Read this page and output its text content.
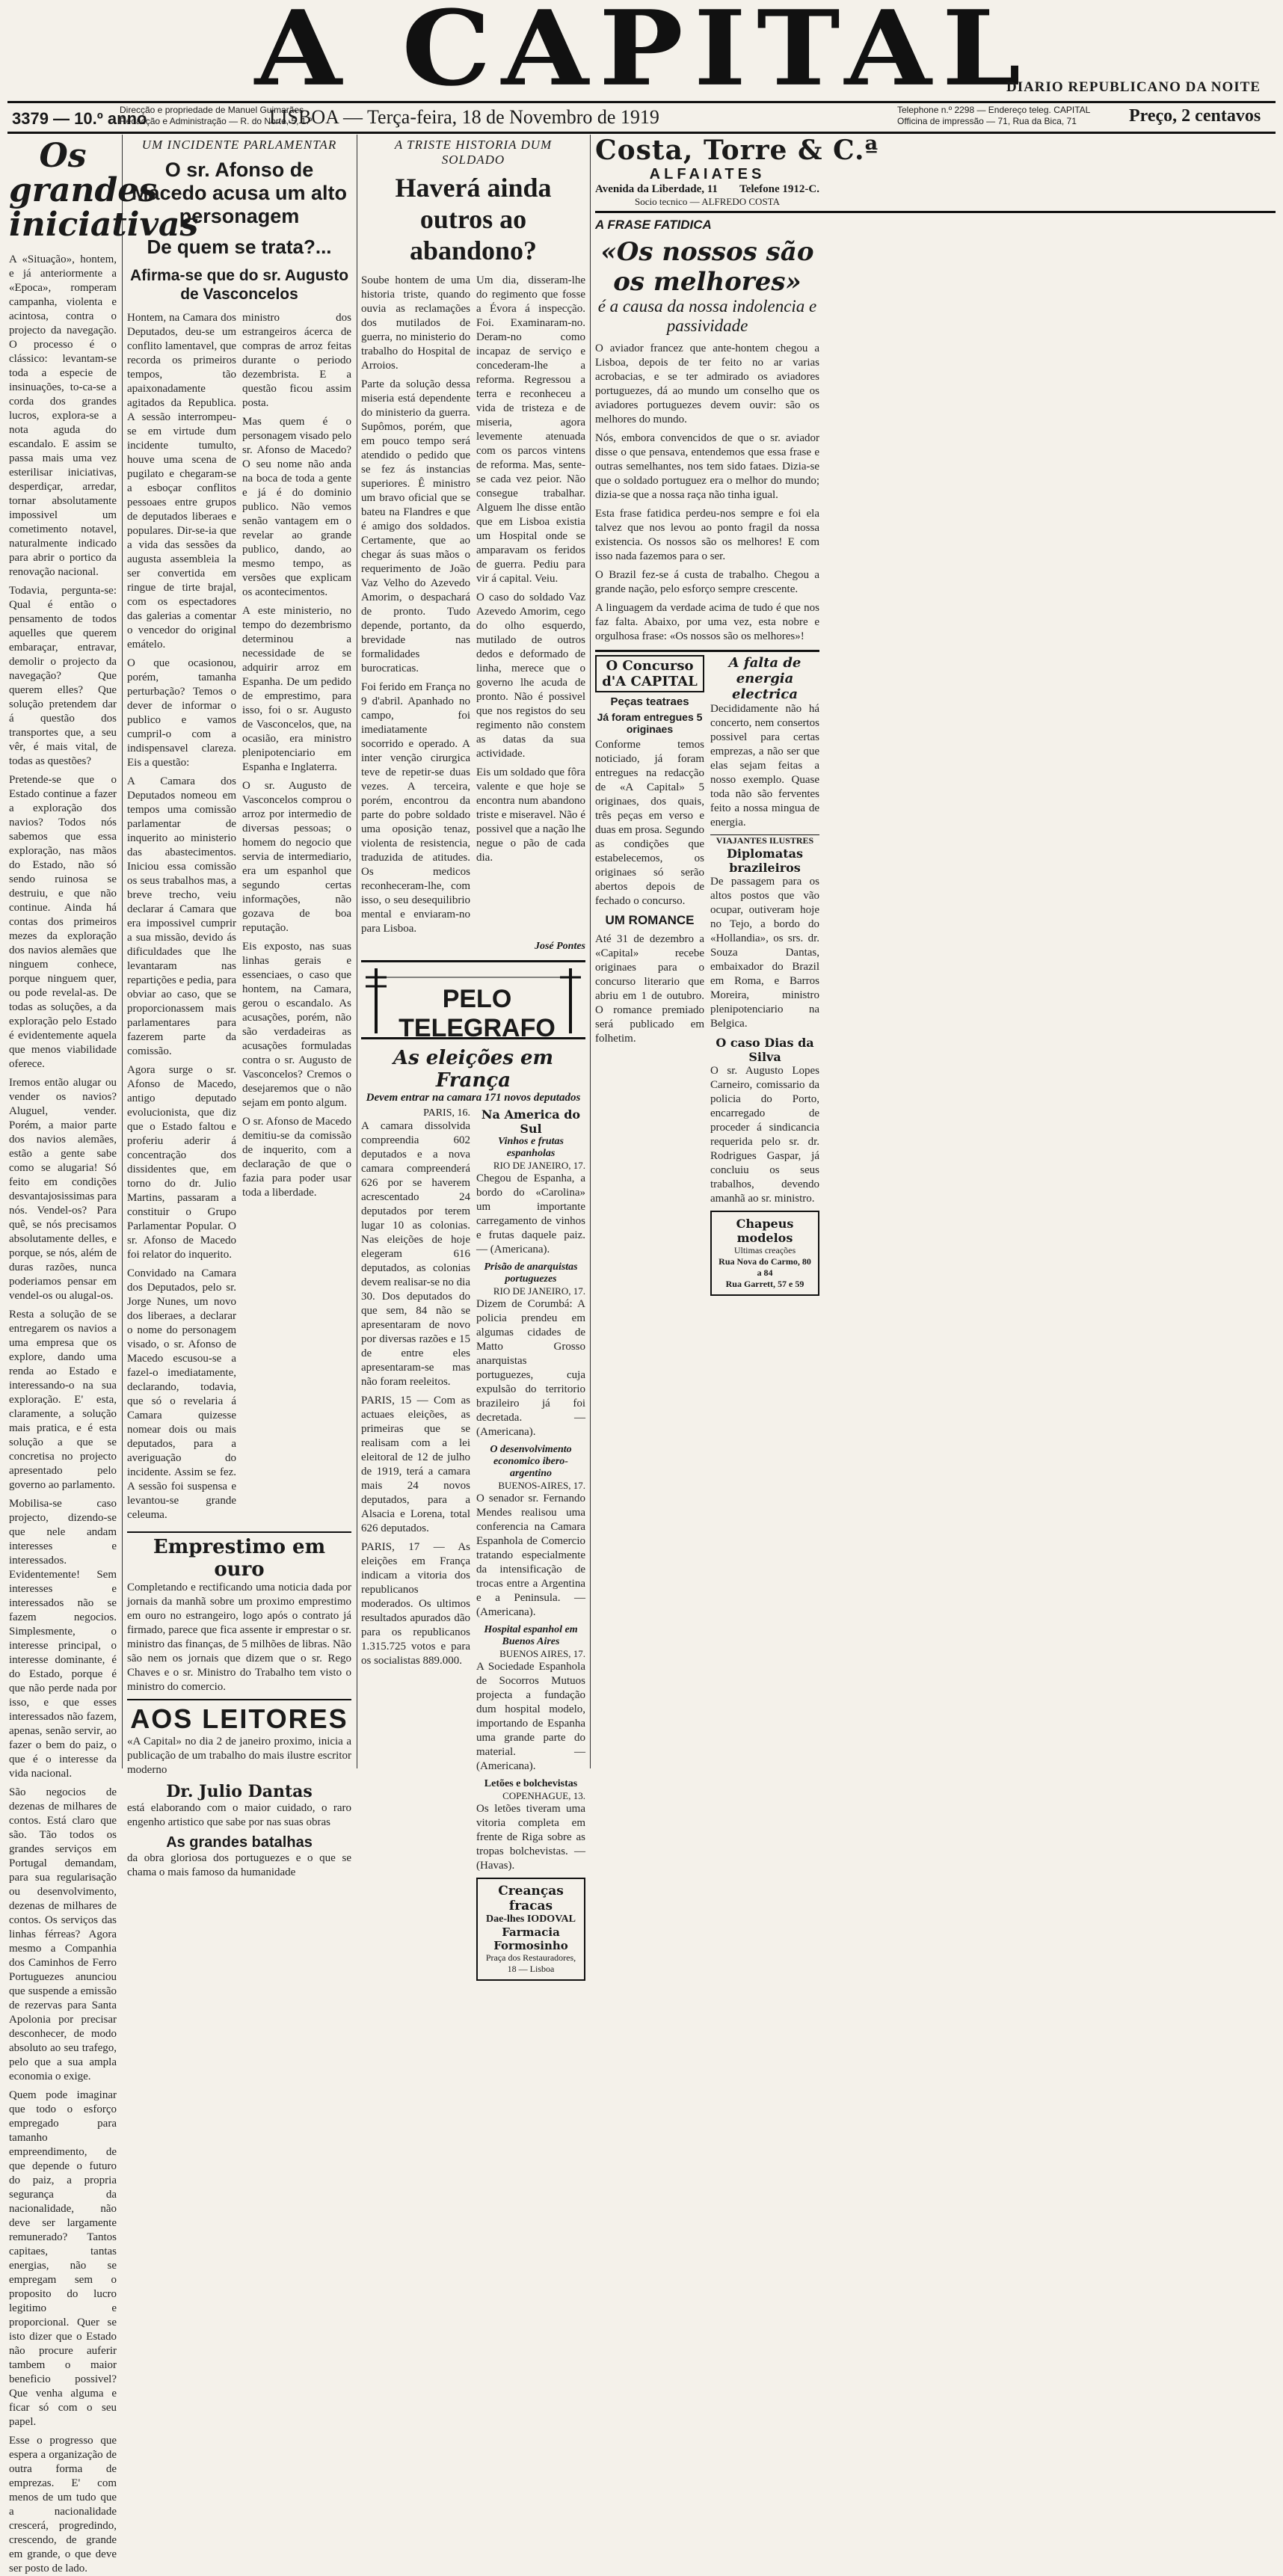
A CAPITAL
DIARIO REPUBLICANO DA NOITE
3379 — 10.º anno
Direcção e propriedade de Manuel Guimarães
Redacção e Administração — R. do Norte, 5, 1.º
LISBOA — Terça-feira, 18 de Novembro de 1919	Telephone n.º 2298 — Endereço teleg. CAPITAL
Officina de impressão — 71, Rua da Bica, 71	Preço, 2 centavos
Os grandes iniciativas

A «Situação», hontem, e já anteriormente a «Epoca», romperam campanha, violenta e acintosa, contra o projecto da navegação. O processo é o clássico: levantam-se toda a especie de insinuações, to-ca-se a corda dos grandes lucros, explora-se a nota aguda do escandalo. E assim se passa mais uma vez esterilisar iniciativas, desperdiçar, arredar, tornar absolutamente impossivel um cometimento notavel, naturalmente indicado para abrir o portico da renovação nacional.

Todavia, pergunta-se: Qual é então o pensamento de todos aquelles que querem embaraçar, entravar, demolir o projecto da navegação? Que querem elles? Que solução pretendem dar á questão dos transportes que, a seu vêr, é mais vital, de todas as questões?

Pretende-se que o Estado continue a fazer a exploração dos navios? Todos nós sabemos que essa exploração, nas mãos do Estado, não só sendo ruinosa se destruiu, e que não continue. Ainda há contas dos primeiros mezes da exploração dos navios alemães que ninguem conhece, porque ninguem quer, ou pode revelal-as. De todas as soluções, a da exploração pelo Estado é evidentemente aquela que menos viabilidade oferece.

Iremos então alugar ou vender os navios? Aluguel, vender. Porém, a maior parte dos navios alemães, estão a gente sabe como se alugaria! Só feito em condições desvantajosissimas para nós. Vendel-os? Para quê, se nós precisamos absolutamente delles, e porque, se nós, além de duras razões, nunca poderiamos pensar em vendel-os ou alugal-os.

Resta a solução de se entregarem os navios a uma empresa que os explore, dando uma renda ao Estado e interessando-o na sua exploração. E' esta, claramente, a solução mais pratica, e é esta solução a que se concretisa no projecto apresentado pelo governo ao parlamento.

Mobilisa-se caso projecto, dizendo-se que nele andam interesses e interessados. Evidentemente! Sem interesses e interessados não se fazem negocios. Simplesmente, o interesse principal, o interesse dominante, é do Estado, porque é que não perde nada por isso, e que esses interessados não fazem, apenas, senão servir, ao fazer o bem do paiz, o que é o interesse da vida nacional.

São negocios de dezenas de milhares de contos. Está claro que são. Tão todos os grandes serviços em Portugal demandam, para sua regularisação ou desenvolvimento, dezenas de milhares de contos. Os serviços das linhas férreas? Agora mesmo a Companhia dos Caminhos de Ferro Portuguezes anunciou que suspende a emissão de rezervas para Santa Apolonia por precisar desconhecer, de modo absoluto ao seu trafego, pelo que a sua ampla economia o exige.

Quem pode imaginar que todo o esforço empregado para tamanho empreendimento, de que depende o futuro do paiz, a propria segurança da nacionalidade, não deve ser largamente remunerado? Tantos capitaes, tantas energias, não se empregam sem o proposito do lucro legitimo e proporcional. Quer se isto dizer que o Estado não procure auferir tambem o maior beneficio possivel? Que venha alguma e ficar só com o seu papel.

Esse o progresso que espera a organização de outra forma de emprezas. E' com menos de um tudo que a nacionalidade crescerá, progredindo, crescendo, de grande em grande, o que deve ser posto de lado.

UM INCIDENTE PARLAMENTAR
O sr. Afonso de Macedo acusa um alto personagem
De quem se trata?...
Afirma-se que do sr. Augusto de Vasconcelos

Hontem, na Camara dos Deputados, deu-se um conflito lamentavel, que recorda os primeiros tempos, tão apaixonadamente agitados da Republica. A sessão interrompeu-se em virtude dum incidente tumulto, houve uma scena de pugilato e chegaram-se a esboçar conflitos pessoaes entre grupos de deputados liberaes e populares. Dir-se-ia que a vida das sessões da augusta assembleia la ser convertida em ringue de tirte brajal, com os espectadores das galerias a comentar o vencedor do original emátelo.

O que ocasionou, porém, tamanha perturbação? Temos o dever de informar o publico e vamos cumpril-o com a indispensavel clareza. Eis a questão:

A Camara dos Deputados nomeou em tempos uma comissão parlamentar de inquerito ao ministerio das abastecimentos. Iniciou essa comissão os seus trabalhos mas, a breve trecho, veiu declarar á Camara que era impossivel cumprir a sua missão, devido ás dificuldades que lhe levantaram nas repartições e pedia, para obviar ao caso, que se proporcionassem mais parlamentares para fazerem parte da comissão.

Agora surge o sr. Afonso de Macedo, antigo deputado evolucionista, que diz que o Estado faltou e proferiu aderir á concentração dos dissidentes que, em torno do dr. Julio Martins, passaram a constituir o Grupo Parlamentar Popular. O sr. Afonso de Macedo foi relator do inquerito.

Convidado na Camara dos Deputados, pelo sr. Jorge Nunes, um novo dos liberaes, a declarar o nome do personagem visado, o sr. Afonso de Macedo escusou-se a fazel-o imediatamente, declarando, todavia, que só o revelaria á Camara quizesse nomear dois ou mais deputados, para a averiguação do incidente. Assim se fez. A sessão foi suspensa e levantou-se grande celeuma.

ministro dos estrangeiros ácerca de compras de arroz feitas durante o periodo dezembrista. E a questão ficou assim posta.

Mas quem é o personagem visado pelo sr. Afonso de Macedo? O seu nome não anda na boca de toda a gente e já é do dominio publico. Não vemos senão vantagem em o revelar ao grande publico, dando, ao mesmo tempo, as versões que explicam os acontecimentos.

A este ministerio, no tempo do dezembrismo determinou a necessidade de se adquirir arroz em Espanha. De um pedido de emprestimo, para isso, foi o sr. Augusto de Vasconcelos, que, na ocasião, era ministro plenipotenciario em Espanha e Inglaterra.

O sr. Augusto de Vasconcelos comprou o arroz por intermedio de diversas pessoas; o homem do negocio que servia de intermediario, era um espanhol que segundo certas informações, não gozava de boa reputação.

Eis exposto, nas suas linhas gerais e essenciaes, o caso que hontem, na Camara, gerou o escandalo. As acusações, porém, não são verdadeiras as acusações formuladas contra o sr. Augusto de Vasconcelos? Cremos o desejaremos que o não sejam em ponto algum.

O sr. Afonso de Macedo demitiu-se da comissão de inquerito, com a declaração de que o fazia para poder usar toda a liberdade.

Emprestimo em ouro

Completando e rectificando uma noticia dada por jornais da manhã sobre um proximo emprestimo em ouro no estrangeiro, logo após o contrato já firmado, parece que fica assente ir emprestar o sr. ministro das finanças, de 5 milhões de libras. Não são nem os jornais que dizem que o sr. Rego Chaves e o sr. Ministro do Trabalho tem visto o ministro do comercio.

AOS LEITORES

«A Capital» no dia 2 de janeiro proximo, inicia a publicação de um trabalho do mais ilustre escritor moderno

Dr. Julio Dantas

está elaborando com o maior cuidado, o raro engenho artistico que sabe por nas suas obras

As grandes batalhas

da obra gloriosa dos portuguezes e o que se chama o mais famoso da humanidade

A TRISTE HISTORIA DUM SOLDADO
Haverá ainda outros ao abandono?

Soube hontem de uma historia triste, quando ouvia as reclamações dos mutilados de guerra, no ministerio do trabalho do Hospital de Arroios.

Parte da solução dessa miseria está dependente do ministerio da guerra. Supômos, porém, que em pouco tempo será atendido o pedido que se fez ás instancias superiores. Ê ministro um bravo oficial que se bateu na Flandres e que é amigo dos soldados. Certamente, que ao chegar ás suas mãos o requerimento de João Vaz Velho do Azevedo Amorim, o despachará de pronto. Tudo depende, portanto, da brevidade nas formalidades burocraticas.

Foi ferido em França no 9 d'abril. Apanhado no campo, foi imediatamente socorrido e operado. A inter venção cirurgica teve de repetir-se duas vezes. A terceira, porém, encontrou da parte do pobre soldado uma oposição tenaz, violenta de resistencia, traduzida de atitudes. Os medicos reconheceram-lhe, com isso, o seu desequilibrio mental e enviaram-no para Lisboa.

Um dia, disseram-lhe do regimento que fosse a Évora á inspecção. Foi. Examinaram-no. Deram-no como incapaz de serviço e concederam-lhe a reforma. Regressou a terra e reconheceu a vida de tristeza e de miseria, agora levemente atenuada com os parcos vintens de reforma. Mas, sente-se cada vez peior. Não consegue trabalhar. Alguem lhe disse então que em Lisboa existia um Hospital onde se amparavam os feridos de guerra. Pediu para vir á capital. Veiu.

O caso do soldado Vaz Azevedo Amorim, cego do olho esquerdo, mutilado de outros dedos e deformado de linha, merece que o governo lhe acuda de pronto. Não é possivel que nos registos do seu regimento não constem as datas da sua actividade.

Eis um soldado que fôra valente e que hoje se encontra num abandono triste e miseravel. Não é possivel que a nação lhe negue o pão de cada dia.

José Pontes
PELO TELEGRAFO
As eleições em França
Devem entrar na camara 171 novos deputados
PARIS, 16.

A camara dissolvida compreendia 602 deputados e a nova camara compreenderá 626 por se haverem acrescentado 24 deputados por terem lugar 10 as colonias. Nas eleições de hoje elegeram 616 deputados, as colonias devem realisar-se no dia 30. Dos deputados do que sem, 84 não se apresentaram de novo por diversas razões e 15 de entre eles apresentaram-se mas não foram reeleitos.

PARIS, 15 — Com as actuaes eleições, as primeiras que se realisam com a lei eleitoral de 12 de julho de 1919, terá a camara mais 24 novos deputados, para a Alsacia e Lorena, total 626 deputados.

PARIS, 17 — As eleições em França indicam a vitoria dos republicanos moderados. Os ultimos resultados apurados dão para os republicanos 1.315.725 votos e para os socialistas 889.000.

Na America do Sul
Vinhos e frutas espanholas
RIO DE JANEIRO, 17.

Chegou de Espanha, a bordo do «Carolina» um importante carregamento de vinhos e frutas daquele paiz. — (Americana).

Prisão de anarquistas portuguezes
RIO DE JANEIRO, 17.

Dizem de Corumbá: A policia prendeu em algumas cidades de Matto Grosso anarquistas portuguezes, cuja expulsão do territorio brazileiro já foi decretada. — (Americana).

O desenvolvimento economico ibero-argentino
BUENOS-AIRES, 17.

O senador sr. Fernando Mendes realisou uma conferencia na Camara Espanhola de Comercio tratando especialmente da intensificação de trocas entre a Argentina e a Peninsula. — (Americana).

Hospital espanhol em Buenos Aires
BUENOS AIRES, 17.

A Sociedade Espanhola de Socorros Mutuos projecta a fundação dum hospital modelo, importando de Espanha uma grande parte do material. — (Americana).

Letões e bolchevistas
COPENHAGUE, 13.

Os letões tiveram uma vitoria completa em frente de Riga sobre as tropas bolchevistas. — (Havas).

Creanças fracas
Dae-lhes IODOVAL
Farmacia Formosinho
Praça dos Restauradores, 18 — Lisboa
Costa, Torre & C.ª
ALFAIATES
Avenida da Liberdade, 11 Telefone 1912-C.
Socio tecnico — ALFREDO COSTA
A FRASE FATIDICA
«Os nossos são os melhores»
é a causa da nossa indolencia e passividade

O aviador francez que ante-hontem chegou a Lisboa, depois de ter feito no ar varias acrobacias, e se ter admirado os aviadores portuguezes, dá ao mundo um conselho que os aviadores portuguezes devem ouvir: são os melhores do mundo.

Nós, embora convencidos de que o sr. aviador disse o que pensava, entendemos que essa frase e outras semelhantes, nos tem sido fataes. Dizia-se que o soldado portuguez era o melhor do mundo; dizia-se que a nossa raça não tinha igual.

Esta frase fatidica perdeu-nos sempre e foi ela talvez que nos levou ao ponto fragil da nossa existencia. Os nossos são os melhores! E com isso nada fazemos para o ser.

O Brazil fez-se á custa de trabalho. Chegou a grande nação, pelo esforço sempre crescente.

A linguagem da verdade acima de tudo é que nos faz falta. Abaixo, por uma vez, esta nobre e orgulhosa frase: «Os nossos são os melhores»!

O Concurso d'A CAPITAL
Peças teatraes
Já foram entregues 5 originaes

Conforme temos noticiado, já foram entregues na redacção de «A Capital» 5 originaes, dos quais, três peças em verso e duas em prosa. Segundo as condições que estabelecemos, os originaes só serão abertos depois de fechado o concurso.

UM ROMANCE

Até 31 de dezembro a «Capital» recebe originaes para o concurso literario que abriu em 1 de outubro. O romance premiado será publicado em folhetim.

A falta de energia electrica

Decididamente não há concerto, nem consertos possivel para certas emprezas, a não ser que elas sejam feitas a nosso exemplo. Quase toda não são ferventes feito a nossa mingua de energia.

VIAJANTES ILUSTRES
Diplomatas brazileiros

De passagem para os altos postos que vão ocupar, outiveram hoje no Tejo, a bordo do «Hollandia», os srs. dr. Souza Dantas, embaixador do Brazil em Roma, e Barros Moreira, ministro plenipotenciario na Belgica.

O caso Dias da Silva

O sr. Augusto Lopes Carneiro, comissario da policia do Porto, encarregado de proceder á sindicancia requerida pelo sr. dr. Rodrigues Gaspar, já concluiu os seus trabalhos, devendo amanhã ao sr. ministro.

Chapeus modelos
Ultimas creações
Rua Nova do Carmo, 80 a 84
Rua Garrett, 57 e 59
